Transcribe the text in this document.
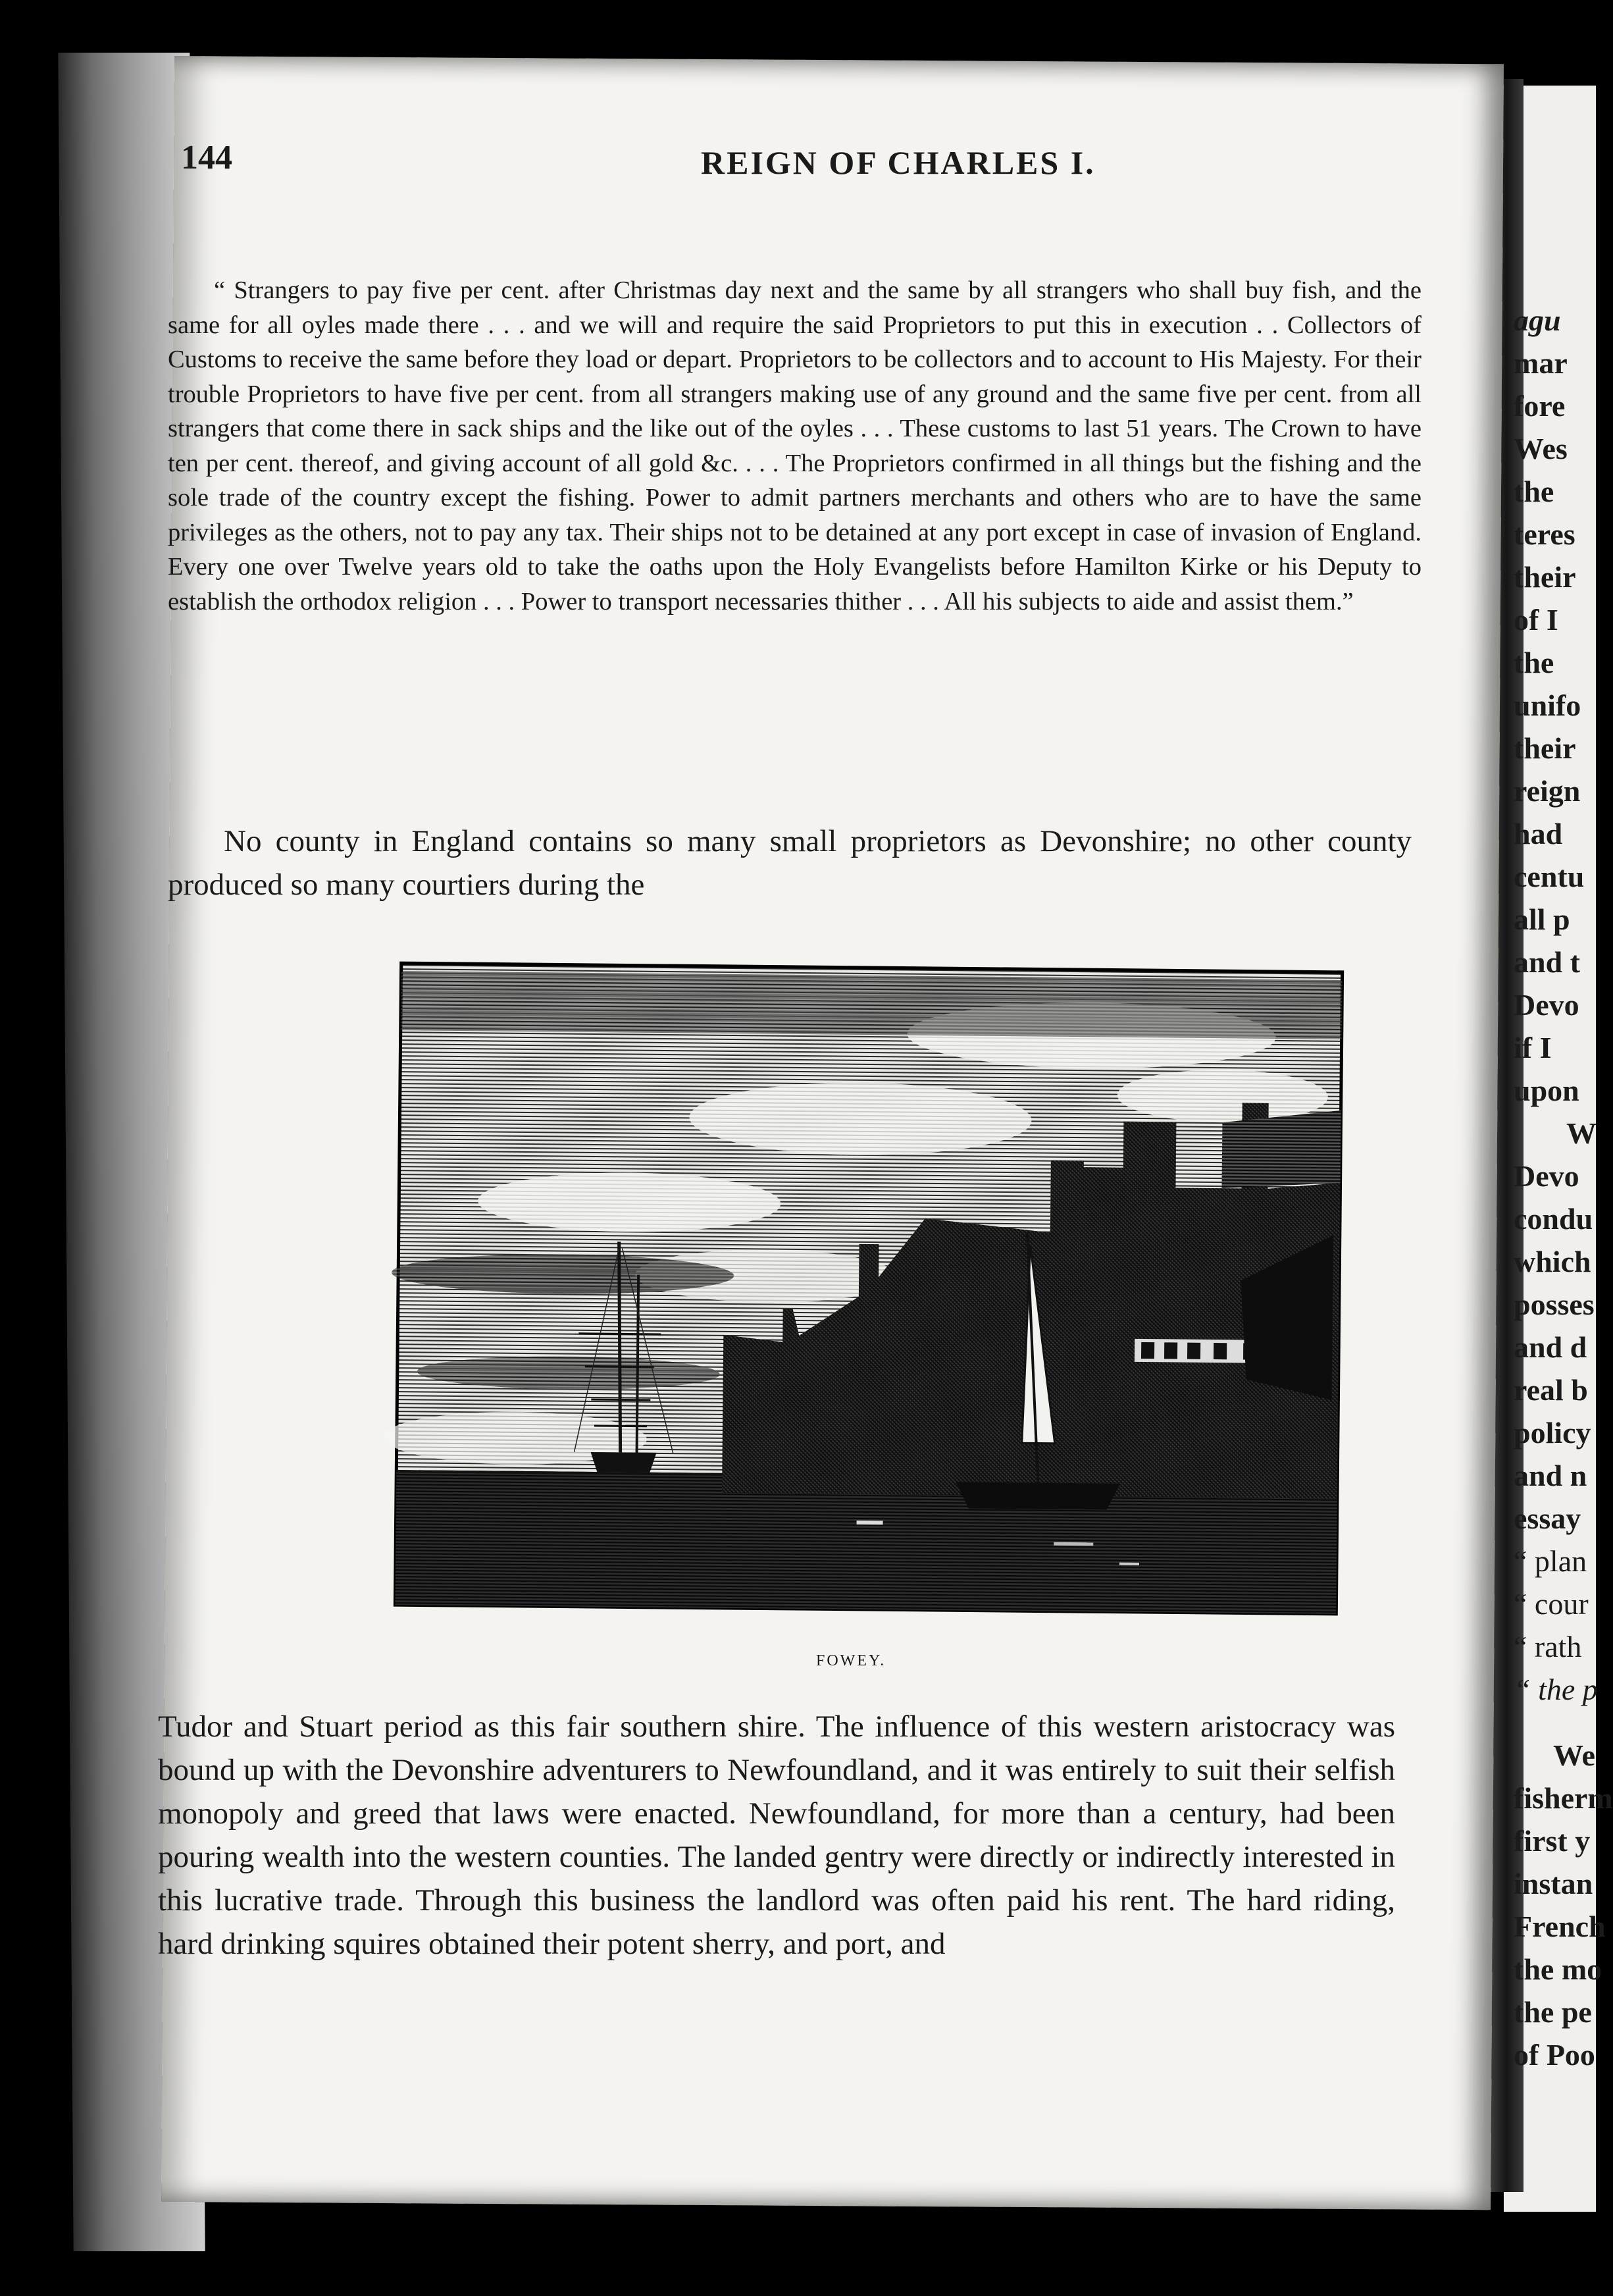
144	REIGN OF CHARLES I.

“ Strangers to pay five per cent. after Christmas day next and the same by all strangers who shall buy fish, and the same for all oyles made there . . . and we will and require the said Proprietors to put this in execution . . Collectors of Customs to receive the same before they load or depart. Proprietors to be collectors and to account to His Majesty. For their trouble Proprietors to have five per cent. from all strangers making use of any ground and the same five per cent. from all strangers that come there in sack ships and the like out of the oyles . . . These customs to last 51 years. The Crown to have ten per cent. thereof, and giving account of all gold &c. . . . The Proprietors confirmed in all things but the fishing and the sole trade of the country except the fishing. Power to admit partners merchants and others who are to have the same privileges as the others, not to pay any tax. Their ships not to be detained at any port except in case of invasion of England. Every one over Twelve years old to take the oaths upon the Holy Evangelists before Hamilton Kirke or his Deputy to establish the orthodox religion . . . Power to transport necessaries thither . . . All his subjects to aide and assist them.”

No county in England contains so many small proprietors as Devonshire; no other county produced so many courtiers during the

FOWEY.

Tudor and Stuart period as this fair southern shire. The influence of this western aristocracy was bound up with the Devonshire adventurers to Newfoundland, and it was entirely to suit their selfish monopoly and greed that laws were enacted. Newfoundland, for more than a century, had been pouring wealth into the western counties. The landed gentry were directly or indirectly interested in this lucrative trade. Through this business the landlord was often paid his rent. The hard riding, hard drinking squires obtained their potent sherry, and port, and

agu
mar
fore
Wes
the
teres
their
of I
the
unifo
their
reign
had
centu
all p
and t
Devo
if I
upon
W
Devo
condu
which
posses
and d
real b
policy
and n
essay
“ plan
“ cour
“ rath
“ the p
We
fisherm
first y
instan
French
the mo
the pe
of Poo
